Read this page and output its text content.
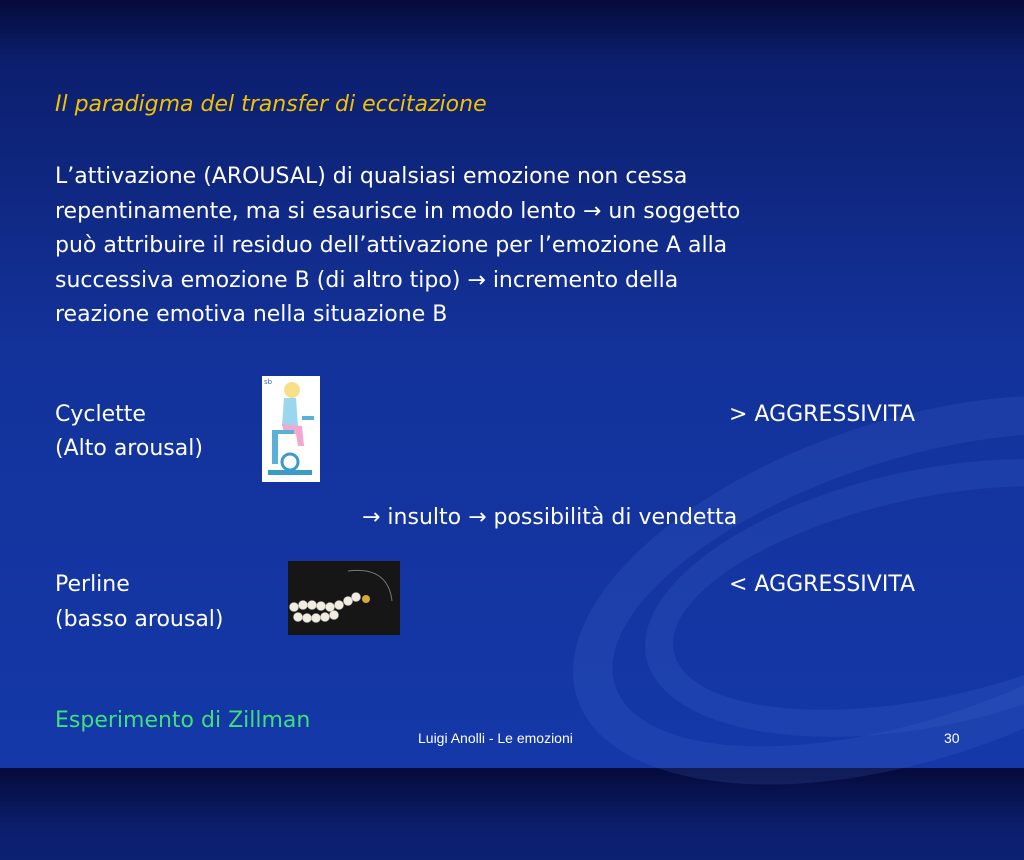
Il paradigma del transfer di eccitazione
L’attivazione (AROUSAL) di qualsiasi emozione non cessa
repentinamente, ma si esaurisce in modo lento → un soggetto
può attribuire il residuo dell’attivazione per l’emozione A alla
successiva emozione B (di altro tipo) → incremento della
reazione emotiva nella situazione B
Cyclette
(Alto arousal)
> AGGRESSIVITA
sb
→ insulto → possibilità di vendetta
Perline
(basso arousal)
< AGGRESSIVITA
Esperimento di Zillman
Luigi Anolli - Le emozioni	30
